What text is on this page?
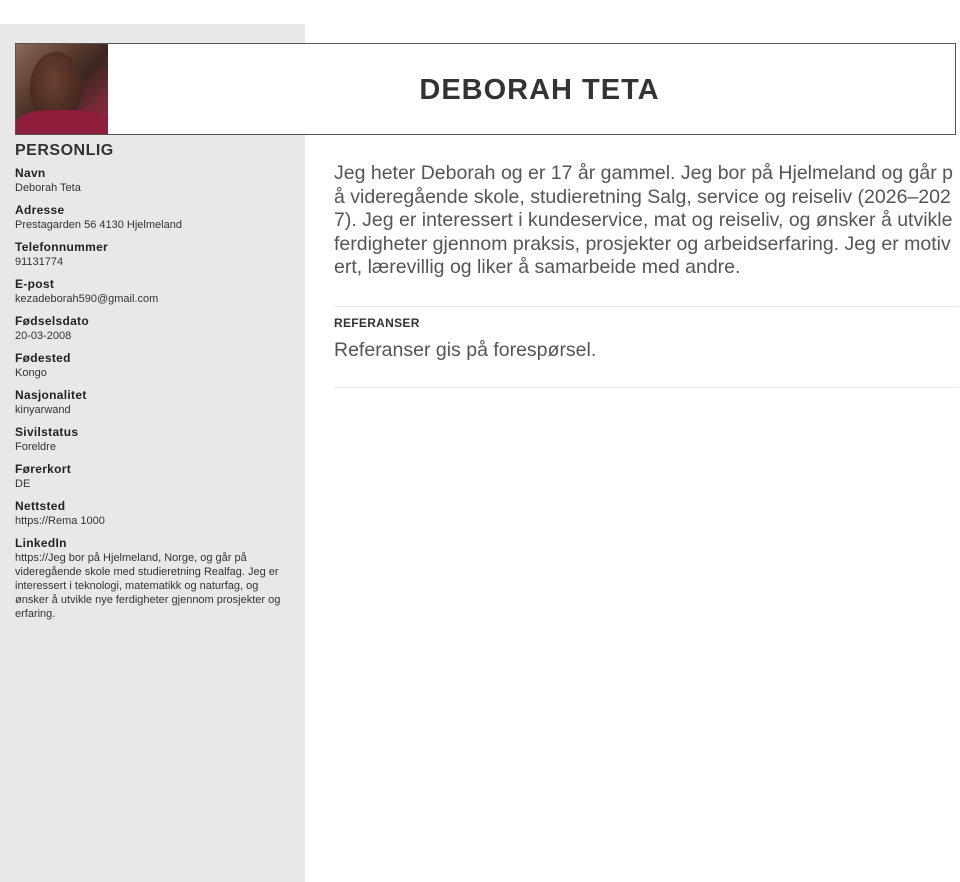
DEBORAH TETA
PERSONLIG
Navn
Deborah Teta
Adresse
Prestagarden 56 4130 Hjelmeland
Telefonnummer
91131774
E-post
kezadeborah590@gmail.com
Fødselsdato
20-03-2008
Fødested
Kongo
Nasjonalitet
kinyarwand
Sivilstatus
Foreldre
Førerkort
DE
Nettsted
https://Rema 1000
LinkedIn
https://Jeg bor på Hjelmeland, Norge, og går på videregående skole med studieretning Realfag. Jeg er interessert i teknologi, matematikk og naturfag, og ønsker å utvikle nye ferdigheter gjennom prosjekter og erfaring.

Jeg heter Deborah og er 17 år gammel. Jeg bor på Hjelmeland og går på videregående skole, studieretning Salg, service og reiseliv (2026–2027). Jeg er interessert i kundeservice, mat og reiseliv, og ønsker å utvikle ferdigheter gjennom praksis, prosjekter og arbeidserfaring. Jeg er motivert, lærevillig og liker å samarbeide med andre.

REFERANSER
Referanser gis på forespørsel.
